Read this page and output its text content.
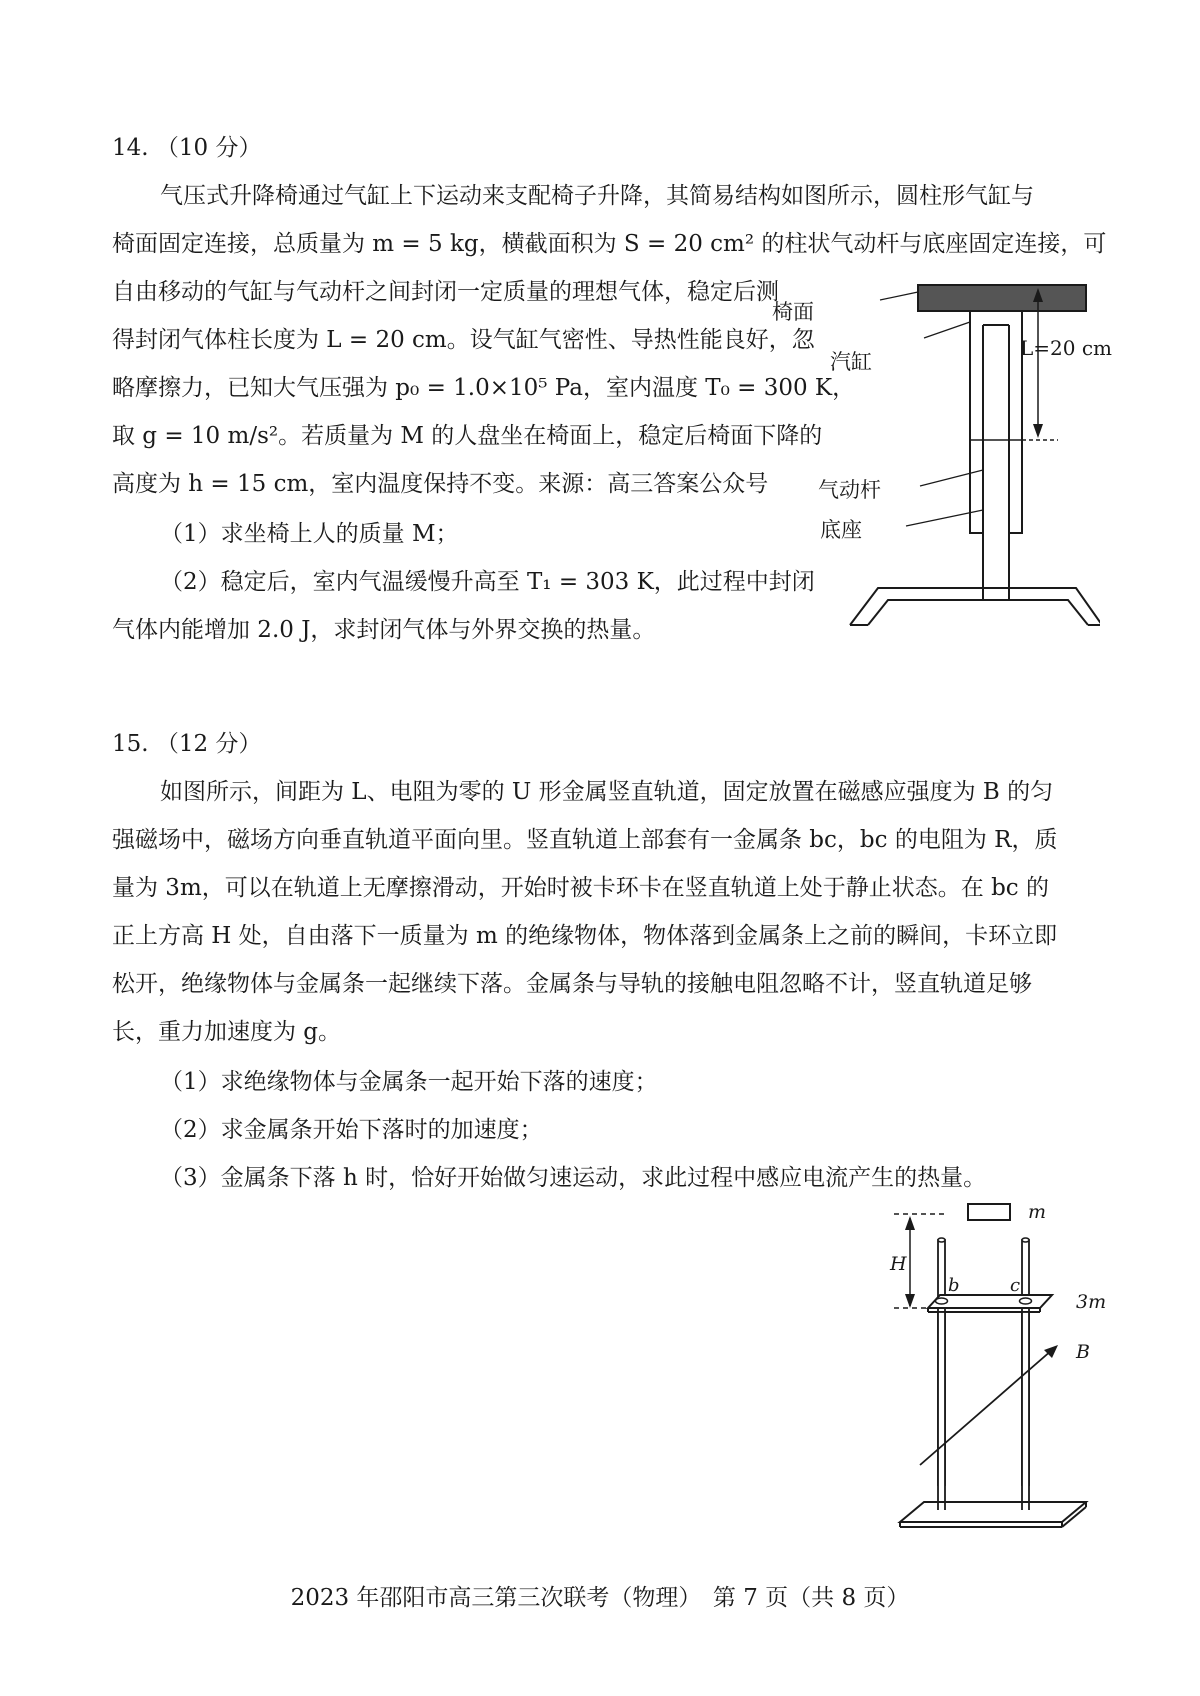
14. （10 分）
气压式升降椅通过气缸上下运动来支配椅子升降，其简易结构如图所示，圆柱形气缸与
椅面固定连接，总质量为 m = 5 kg，横截面积为 S = 20 cm² 的柱状气动杆与底座固定连接，可
自由移动的气缸与气动杆之间封闭一定质量的理想气体，稳定后测
得封闭气体柱长度为 L = 20 cm。设气缸气密性、导热性能良好，忽
略摩擦力，已知大气压强为 p₀ = 1.0×10⁵ Pa，室内温度 T₀ = 300 K，
取 g = 10 m/s²。若质量为 M 的人盘坐在椅面上，稳定后椅面下降的
高度为 h = 15 cm，室内温度保持不变。来源：高三答案公众号
（1）求坐椅上人的质量 M；
（2）稳定后，室内气温缓慢升高至 T₁ = 303 K，此过程中封闭
气体内能增加 2.0 J，求封闭气体与外界交换的热量。
椅面
汽缸
L=20 cm
气动杆
底座
15. （12 分）
如图所示，间距为 L、电阻为零的 U 形金属竖直轨道，固定放置在磁感应强度为 B 的匀
强磁场中，磁场方向垂直轨道平面向里。竖直轨道上部套有一金属条 bc，bc 的电阻为 R，质
量为 3m，可以在轨道上无摩擦滑动，开始时被卡环卡在竖直轨道上处于静止状态。在 bc 的
正上方高 H 处，自由落下一质量为 m 的绝缘物体，物体落到金属条上之前的瞬间，卡环立即
松开，绝缘物体与金属条一起继续下落。金属条与导轨的接触电阻忽略不计，竖直轨道足够
长，重力加速度为 g。
（1）求绝缘物体与金属条一起开始下落的速度；
（2）求金属条开始下落时的加速度；
（3）金属条下落 h 时，恰好开始做匀速运动，求此过程中感应电流产生的热量。
m
H
b	c
3m
B
2023 年邵阳市高三第三次联考（物理）　第 7 页（共 8 页）
